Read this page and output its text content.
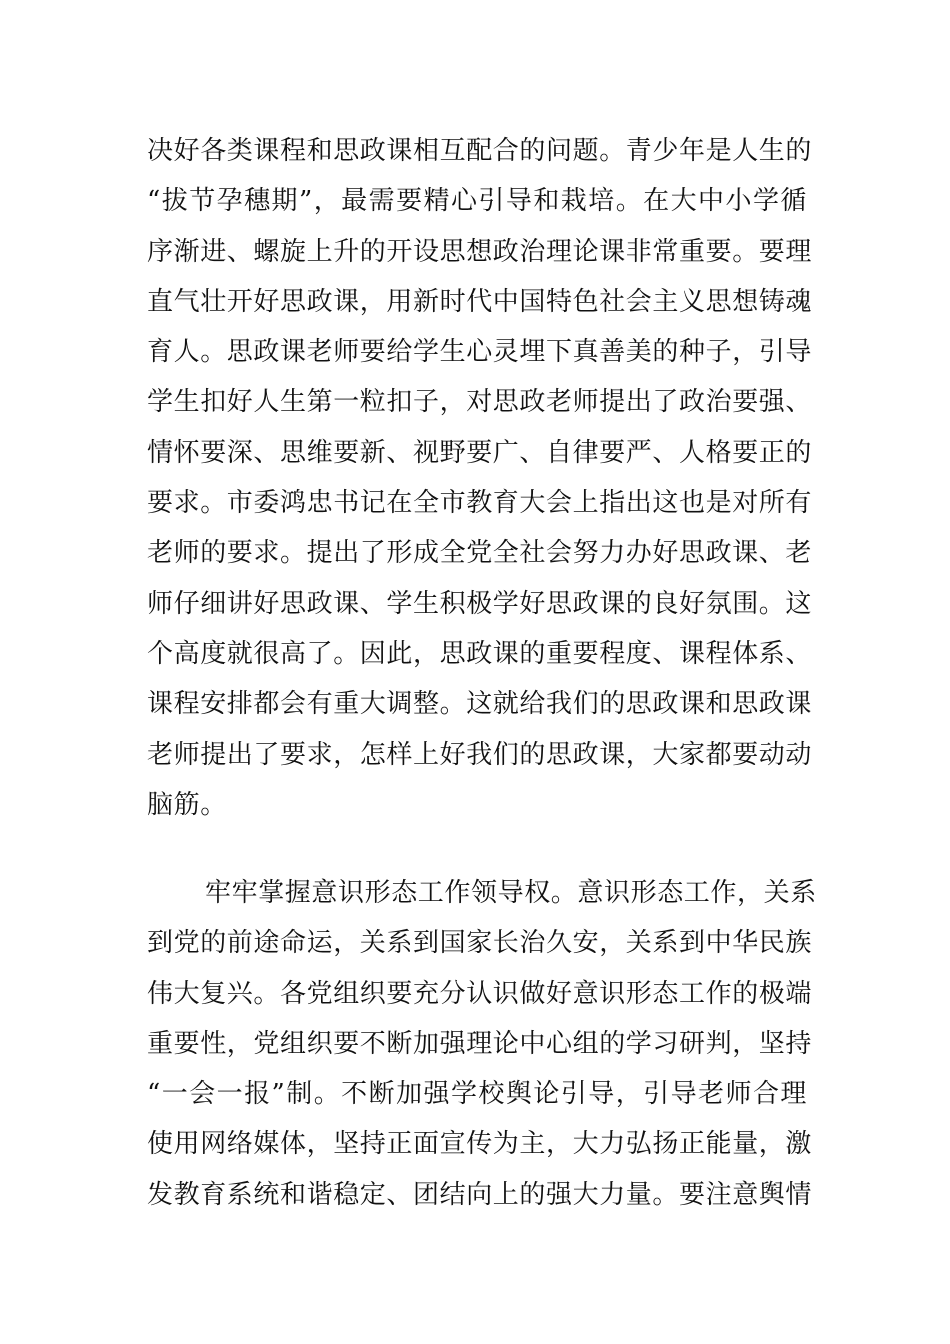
决好各类课程和思政课相互配合的问题。青少年是人生的
“拔节孕穗期”，最需要精心引导和栽培。在大中小学循
序渐进、螺旋上升的开设思想政治理论课非常重要。要理
直气壮开好思政课，用新时代中国特色社会主义思想铸魂
育人。思政课老师要给学生心灵埋下真善美的种子，引导
学生扣好人生第一粒扣子，对思政老师提出了政治要强、
情怀要深、思维要新、视野要广、自律要严、人格要正的
要求。市委鸿忠书记在全市教育大会上指出这也是对所有
老师的要求。提出了形成全党全社会努力办好思政课、老
师仔细讲好思政课、学生积极学好思政课的良好氛围。这
个高度就很高了。因此，思政课的重要程度、课程体系、
课程安排都会有重大调整。这就给我们的思政课和思政课
老师提出了要求，怎样上好我们的思政课，大家都要动动
脑筋。
牢牢掌握意识形态工作领导权。意识形态工作，关系
到党的前途命运，关系到国家长治久安，关系到中华民族
伟大复兴。各党组织要充分认识做好意识形态工作的极端
重要性，党组织要不断加强理论中心组的学习研判，坚持
“一会一报”制。不断加强学校舆论引导，引导老师合理
使用网络媒体，坚持正面宣传为主，大力弘扬正能量，激
发教育系统和谐稳定、团结向上的强大力量。要注意舆情
